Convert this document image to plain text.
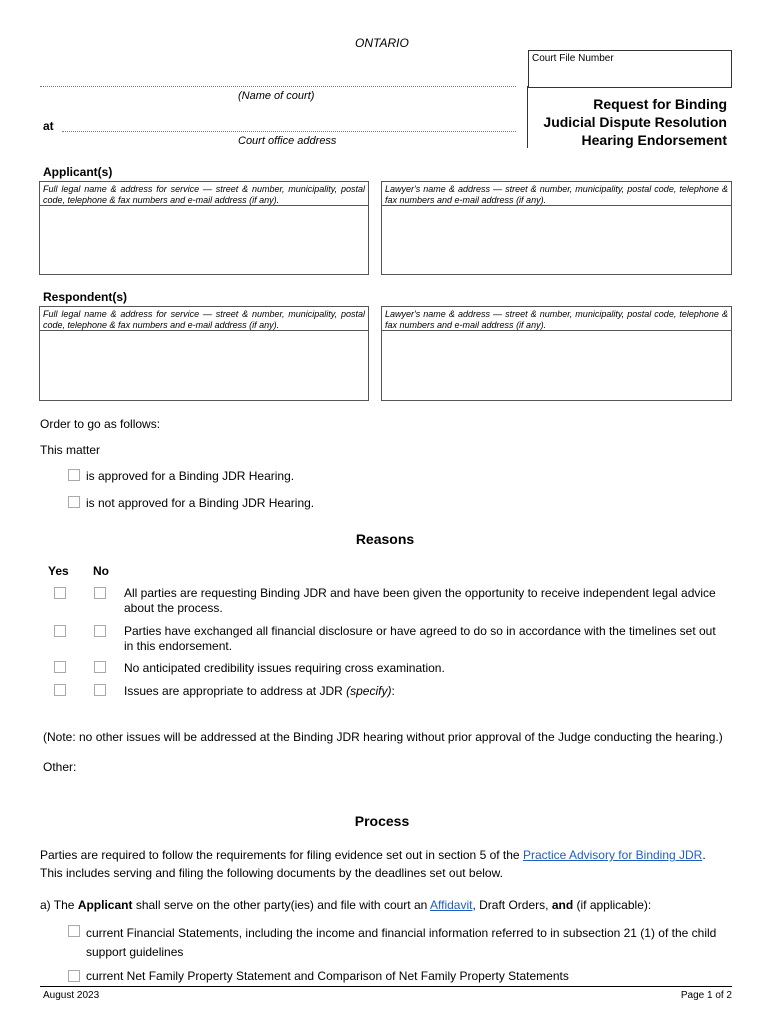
ONTARIO
Court File Number
(Name of court)
at
Court office address
Request for Binding
Judicial Dispute Resolution
Hearing Endorsement
Applicant(s)
Full legal name & address for service — street & number, municipality, postal code, telephone & fax numbers and e-mail address (if any).
Lawyer's name & address — street & number, municipality, postal code, telephone & fax numbers and e-mail address (if any).
Respondent(s)
Full legal name & address for service — street & number, municipality, postal code, telephone & fax numbers and e-mail address (if any).
Lawyer's name & address — street & number, municipality, postal code, telephone & fax numbers and e-mail address (if any).
Order to go as follows:
This matter
is approved for a Binding JDR Hearing.
is not approved for a Binding JDR Hearing.
Reasons
Yes No
All parties are requesting Binding JDR and have been given the opportunity to receive independent legal advice about the process.
Parties have exchanged all financial disclosure or have agreed to do so in accordance with the timelines set out in this endorsement.
No anticipated credibility issues requiring cross examination.
Issues are appropriate to address at JDR (specify):
(Note: no other issues will be addressed at the Binding JDR hearing without prior approval of the Judge conducting the hearing.)
Other:
Process
Parties are required to follow the requirements for filing evidence set out in section 5 of the Practice Advisory for Binding JDR. This includes serving and filing the following documents by the deadlines set out below.
a) The Applicant shall serve on the other party(ies) and file with court an Affidavit, Draft Orders, and (if applicable):
current Financial Statements, including the income and financial information referred to in subsection 21 (1) of the child support guidelines
current Net Family Property Statement and Comparison of Net Family Property Statements
August 2023	Page 1 of 2
